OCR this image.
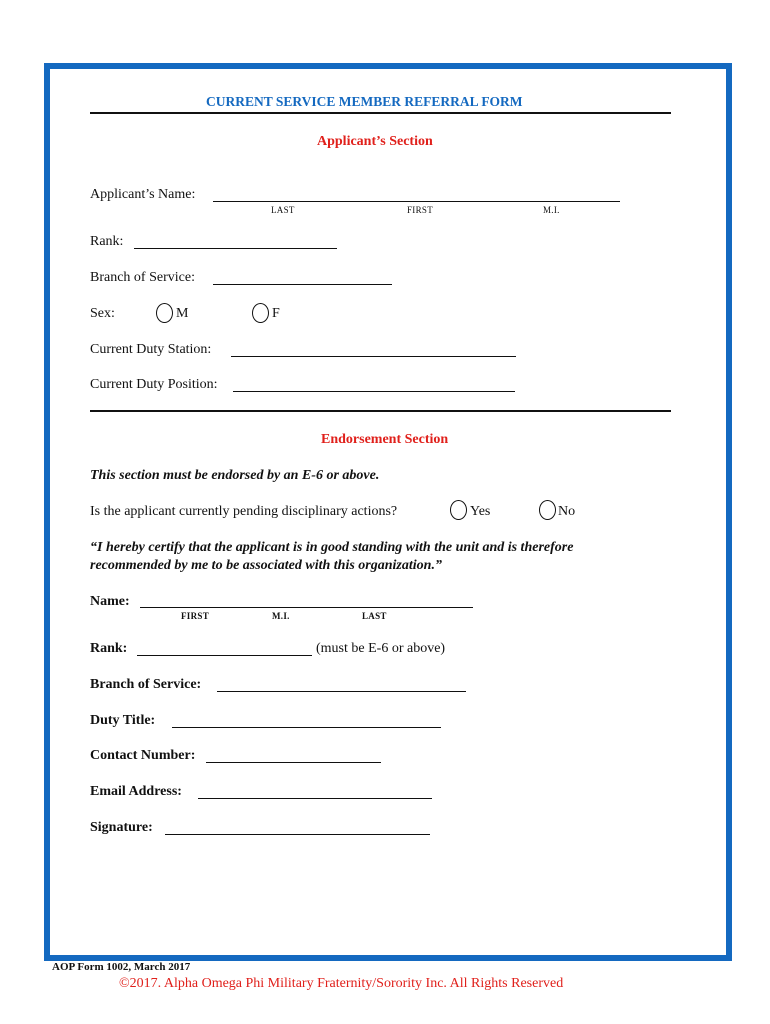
CURRENT SERVICE MEMBER REFERRAL FORM
Applicant’s Section
Applicant’s Name:
LAST	FIRST	M.I.
Rank:
Branch of Service:
Sex:	M	F
Current Duty Station:
Current Duty Position:
Endorsement Section
This section must be endorsed by an E-6 or above.
Is the applicant currently pending disciplinary actions?	Yes	No
“I hereby certify that the applicant is in good standing with the unit and is therefore
recommended by me to be associated with this organization.”
Name:
FIRST	M.I.	LAST
Rank:	(must be E-6 or above)
Branch of Service:
Duty Title:
Contact Number:
Email Address:
Signature:
AOP Form 1002, March 2017
©2017. Alpha Omega Phi Military Fraternity/Sorority Inc. All Rights Reserved
